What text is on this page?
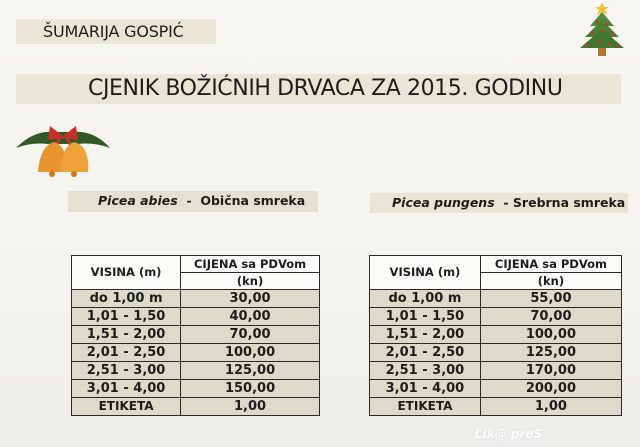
ŠUMARIJA GOSPIĆ
CJENIK BOŽIĆNIH DRVACA ZA 2015. GODINU
Picea abies - Obična smreka	Picea pungens - Srebrna smreka
VISINA (m)	CIJENA sa PDVom
	(kn)
do 1,00 m	30,00
1,01 - 1,50	40,00
1,51 - 2,00	70,00
2,01 - 2,50	100,00
2,51 - 3,00	125,00
3,01 - 4,00	150,00
ETIKETA	1,00
VISINA (m)	CIJENA sa PDVom
	(kn)
do 1,00 m	55,00
1,01 - 1,50	70,00
1,51 - 2,00	100,00
2,01 - 2,50	125,00
2,51 - 3,00	170,00
3,01 - 4,00	200,00
ETIKETA	1,00
Lik@ preS
